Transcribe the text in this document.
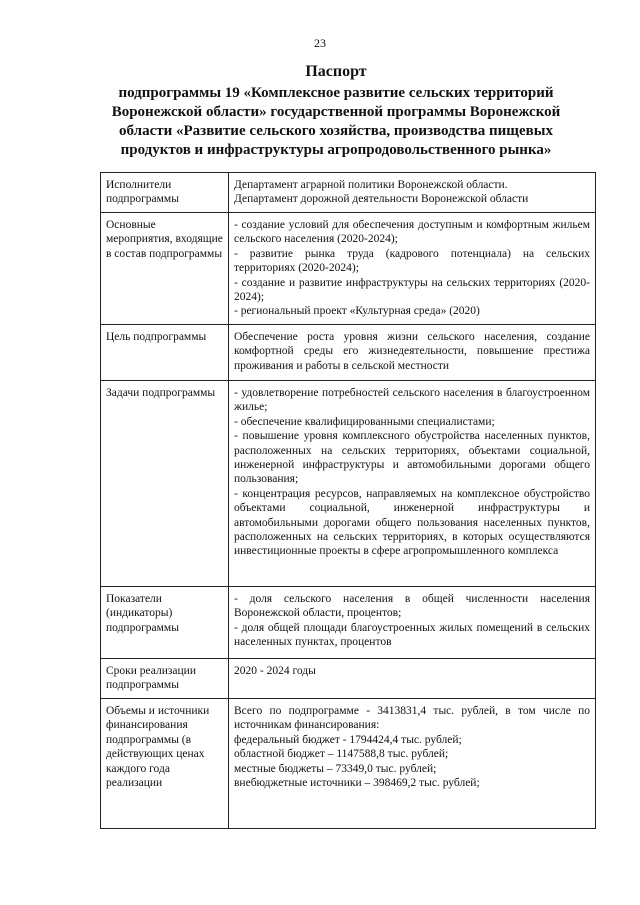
23
Паспорт
подпрограммы 19 «Комплексное развитие сельских территорий
Воронежской области» государственной программы Воронежской
области «Развитие сельского хозяйства, производства пищевых
продуктов и инфраструктуры агропродовольственного рынка»
Исполнители подпрограммы	Департамент аграрной политики Воронежской области.
Департамент дорожной деятельности Воронежской области

Основные мероприятия, входящие в состав подпрограммы	- создание условий для обеспечения доступным и комфортным жильем сельского населения (2020-2024);
- развитие рынка труда (кадрового потенциала) на сельских территориях (2020-2024);
- создание и развитие инфраструктуры на сельских территориях (2020-2024);
- региональный проект «Культурная среда» (2020)

Цель подпрограммы	Обеспечение роста уровня жизни сельского населения, создание комфортной среды его жизнедеятельности, повышение престижа проживания и работы в сельской местности

Задачи подпрограммы	- удовлетворение потребностей сельского населения в благоустроенном жилье;
- обеспечение квалифицированными специалистами;
- повышение уровня комплексного обустройства населенных пунктов, расположенных на сельских территориях, объектами социальной, инженерной инфраструктуры и автомобильными дорогами общего пользования;
- концентрация ресурсов, направляемых на комплексное обустройство объектами социальной, инженерной инфраструктуры и автомобильными дорогами общего пользования населенных пунктов, расположенных на сельских территориях, в которых осуществляются инвестиционные проекты в сфере агропромышленного комплекса

Показатели (индикаторы) подпрограммы	- доля сельского населения в общей численности населения Воронежской области, процентов;
- доля общей площади благоустроенных жилых помещений в сельских населенных пунктах, процентов

Сроки реализации подпрограммы	2020 - 2024 годы

Объемы и источники финансирования подпрограммы (в действующих ценах каждого года реализации	Всего по подпрограмме - 3413831,4 тыс. рублей, в том числе по источникам финансирования:
федеральный бюджет - 1794424,4 тыс. рублей;
областной бюджет – 1147588,8 тыс. рублей;
местные бюджеты – 73349,0 тыс. рублей;
внебюджетные источники – 398469,2 тыс. рублей;
